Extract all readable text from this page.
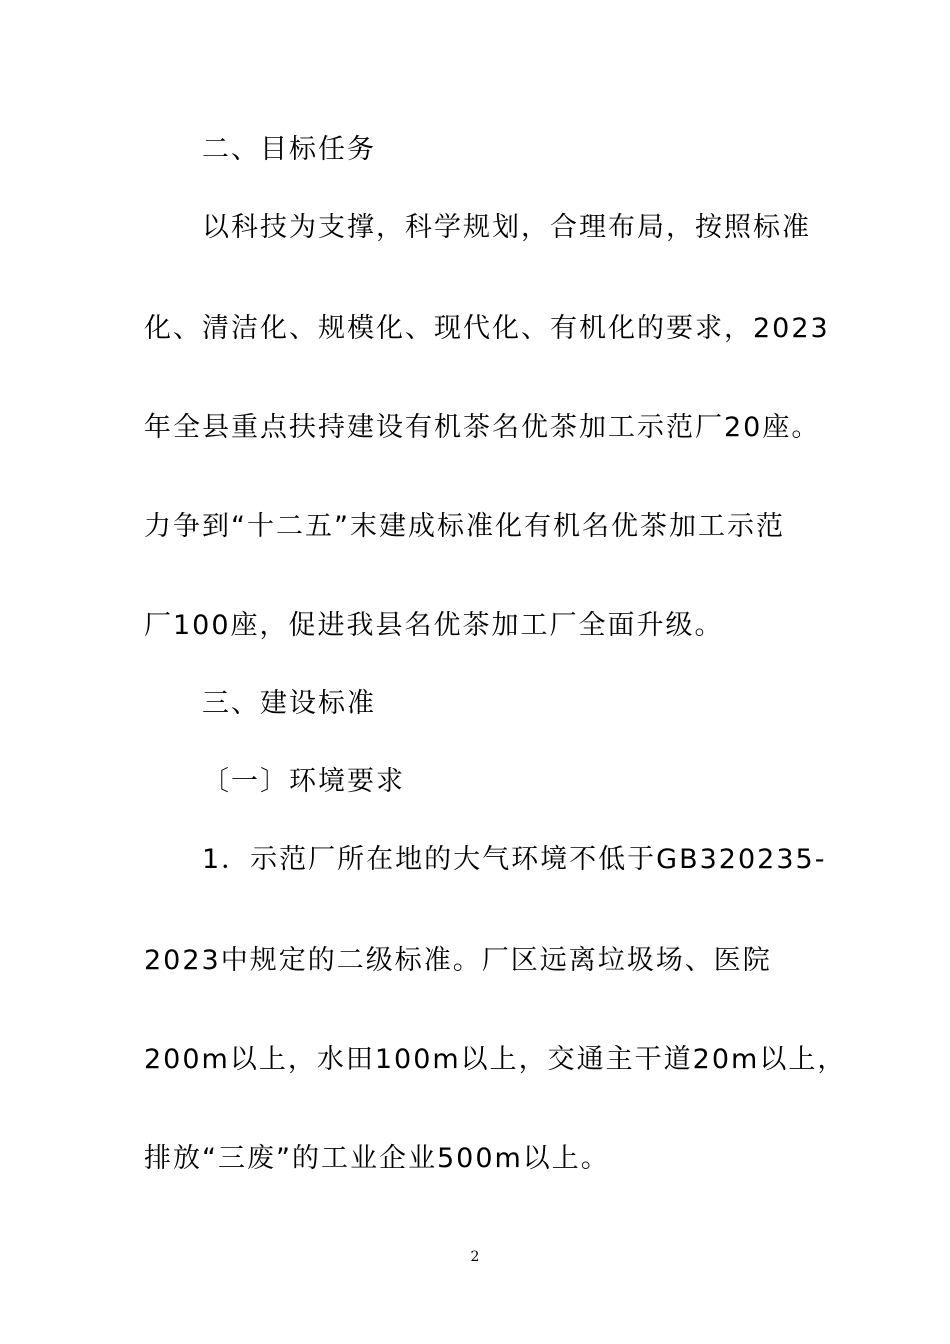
二、目标任务
以科技为支撑，科学规划，合理布局，按照标准
化、清洁化、规模化、现代化、有机化的要求，2023
年全县重点扶持建设有机茶名优茶加工示范厂20座。
力争到“十二五”末建成标准化有机名优茶加工示范
厂100座，促进我县名优茶加工厂全面升级。
三、建设标准
〔一〕环境要求
1．示范厂所在地的大气环境不低于GB320235-
2023中规定的二级标准。厂区远离垃圾场、医院
200m以上，水田100m以上，交通主干道20m以上，
排放“三废”的工业企业500m以上。
2
